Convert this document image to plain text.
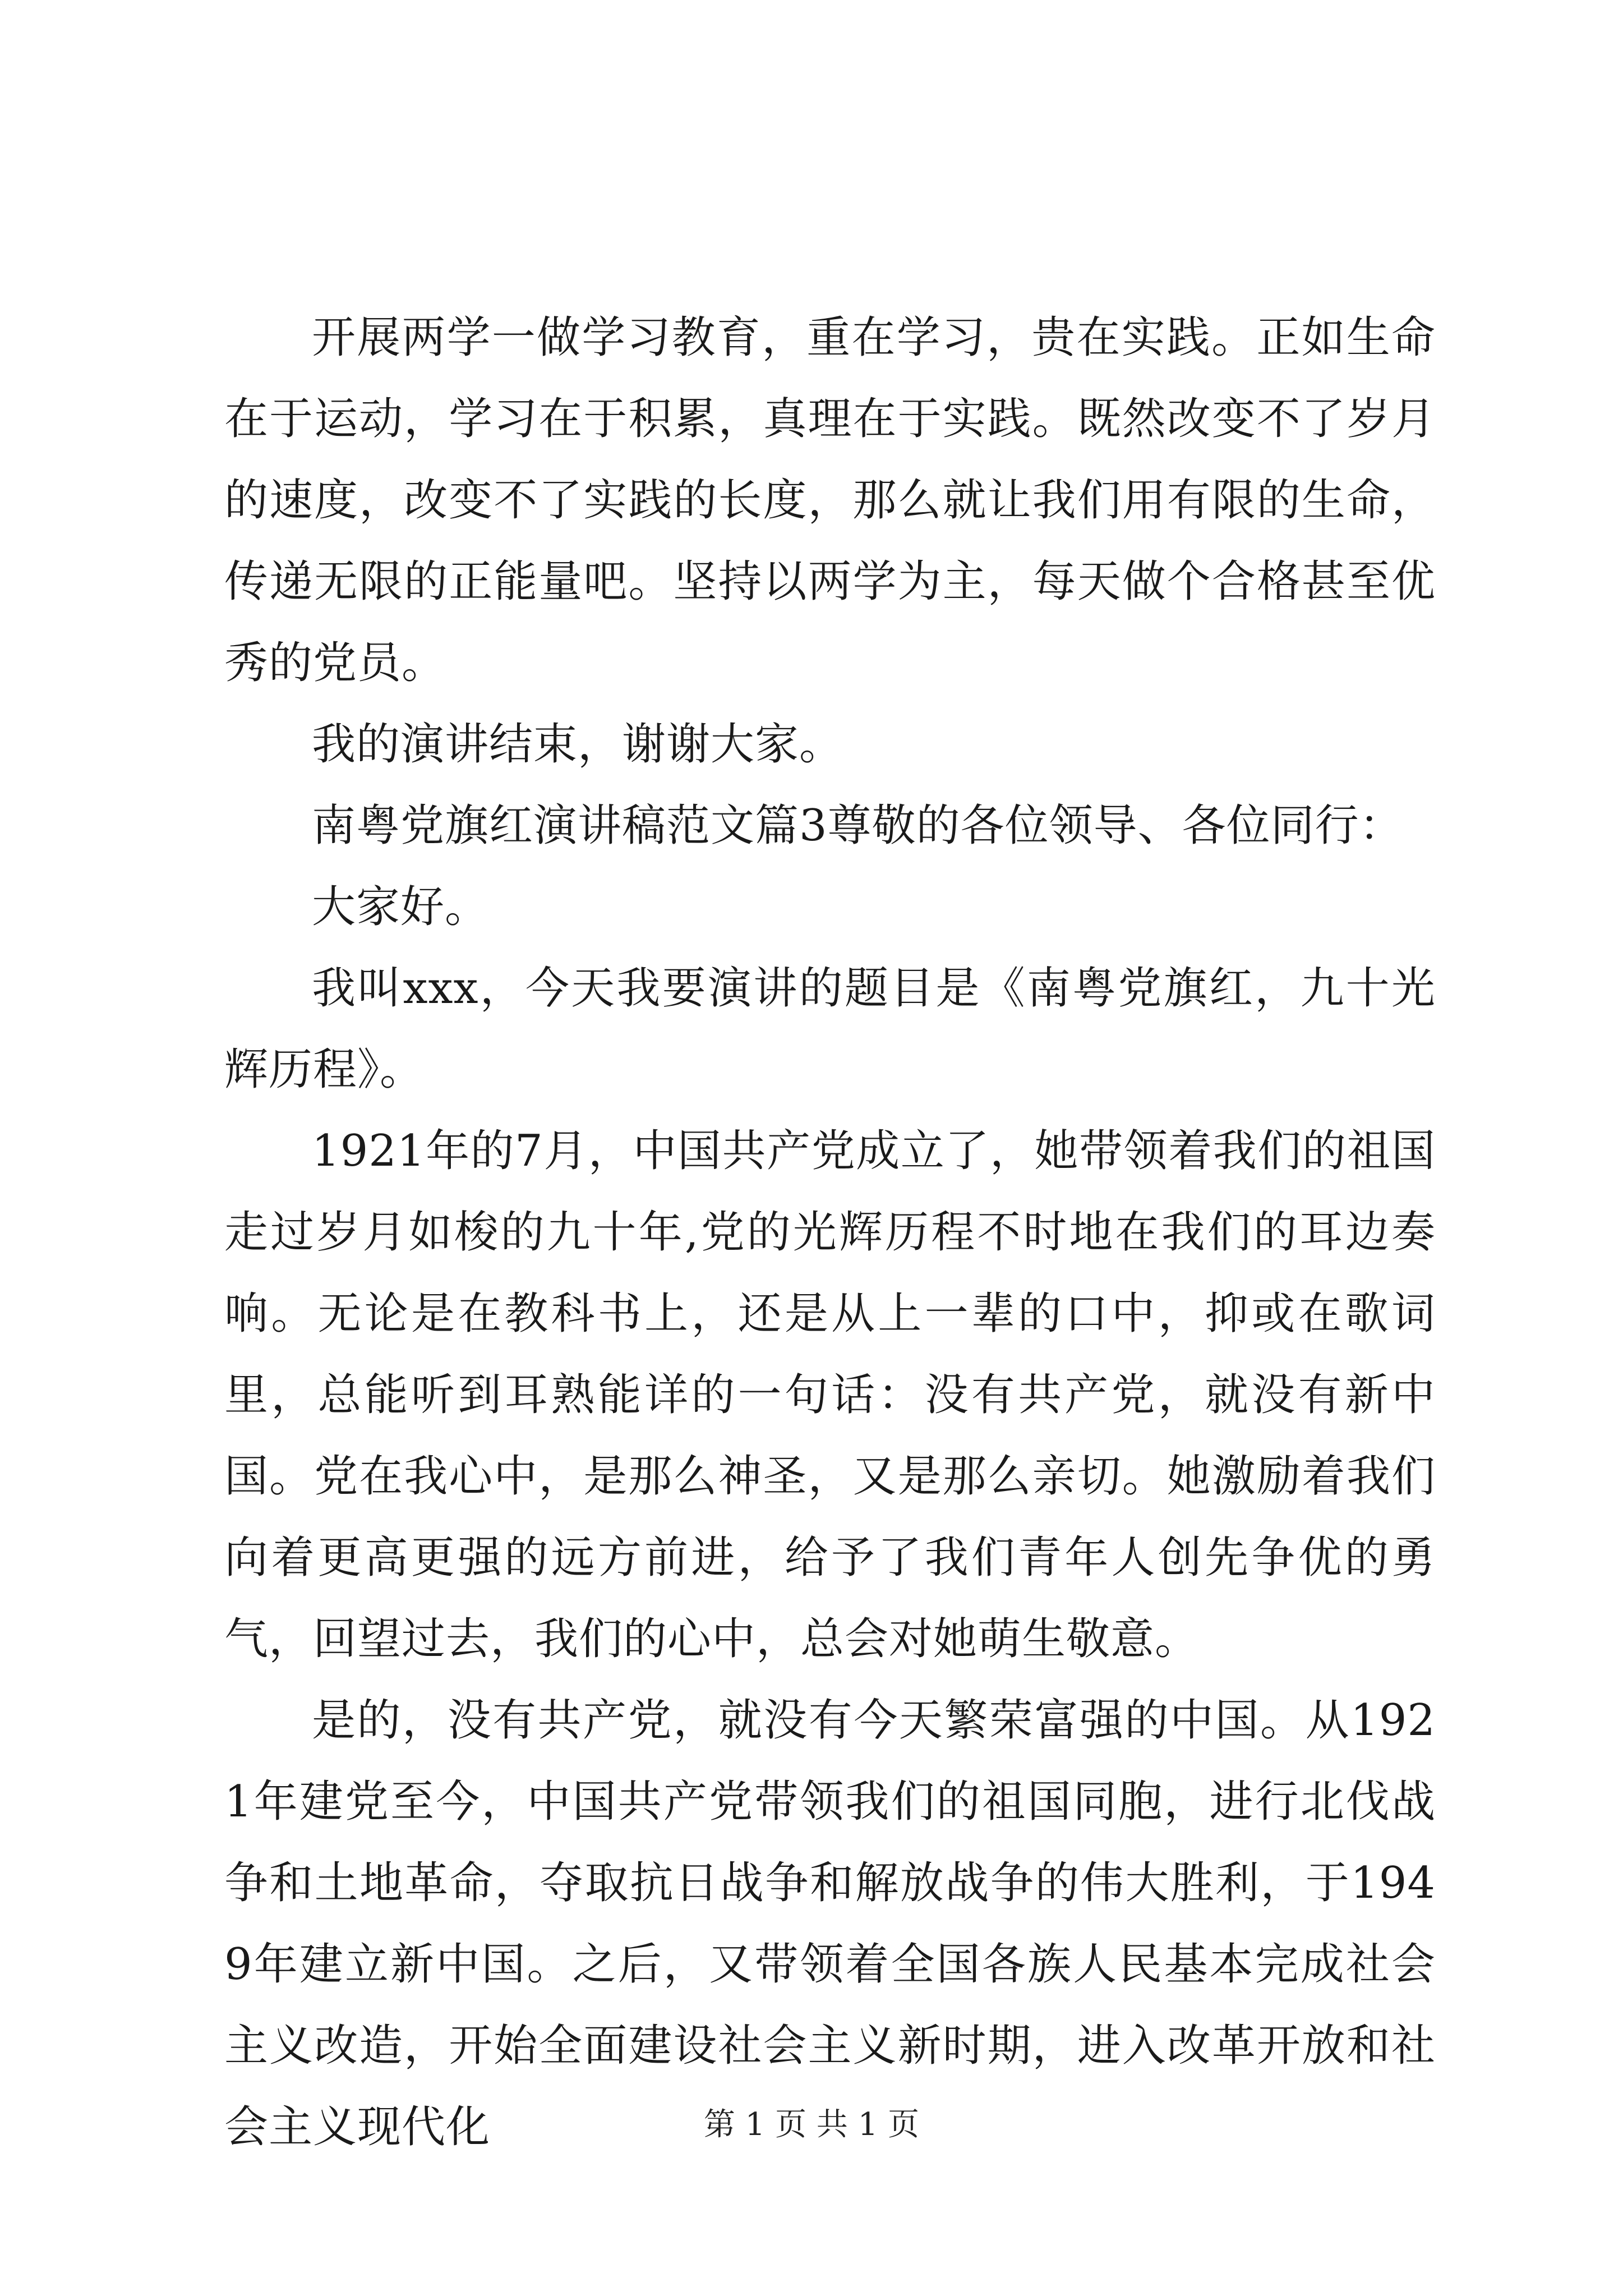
开展两学一做学习教育，重在学习，贵在实践。正如生命在于运动，学习在于积累，真理在于实践。既然改变不了岁月的速度，改变不了实践的长度，那么就让我们用有限的生命，传递无限的正能量吧。坚持以两学为主，每天做个合格甚至优秀的党员。

我的演讲结束，谢谢大家。

南粤党旗红演讲稿范文篇3尊敬的各位领导、各位同行：

大家好。

我叫xxx，今天我要演讲的题目是《南粤党旗红，九十光辉历程》。

1921年的7月，中国共产党成立了，她带领着我们的祖国走过岁月如梭的九十年,党的光辉历程不时地在我们的耳边奏响。无论是在教科书上，还是从上一辈的口中，抑或在歌词里，总能听到耳熟能详的一句话：没有共产党，就没有新中国。党在我心中，是那么神圣，又是那么亲切。她激励着我们向着更高更强的远方前进，给予了我们青年人创先争优的勇气，回望过去，我们的心中，总会对她萌生敬意。

是的，没有共产党，就没有今天繁荣富强的中国。从1921年建党至今，中国共产党带领我们的祖国同胞，进行北伐战争和土地革命，夺取抗日战争和解放战争的伟大胜利，于1949年建立新中国。之后，又带领着全国各族人民基本完成社会主义改造，开始全面建设社会主义新时期，进入改革开放和社会主义现代化	第 1 页 共 1 页
